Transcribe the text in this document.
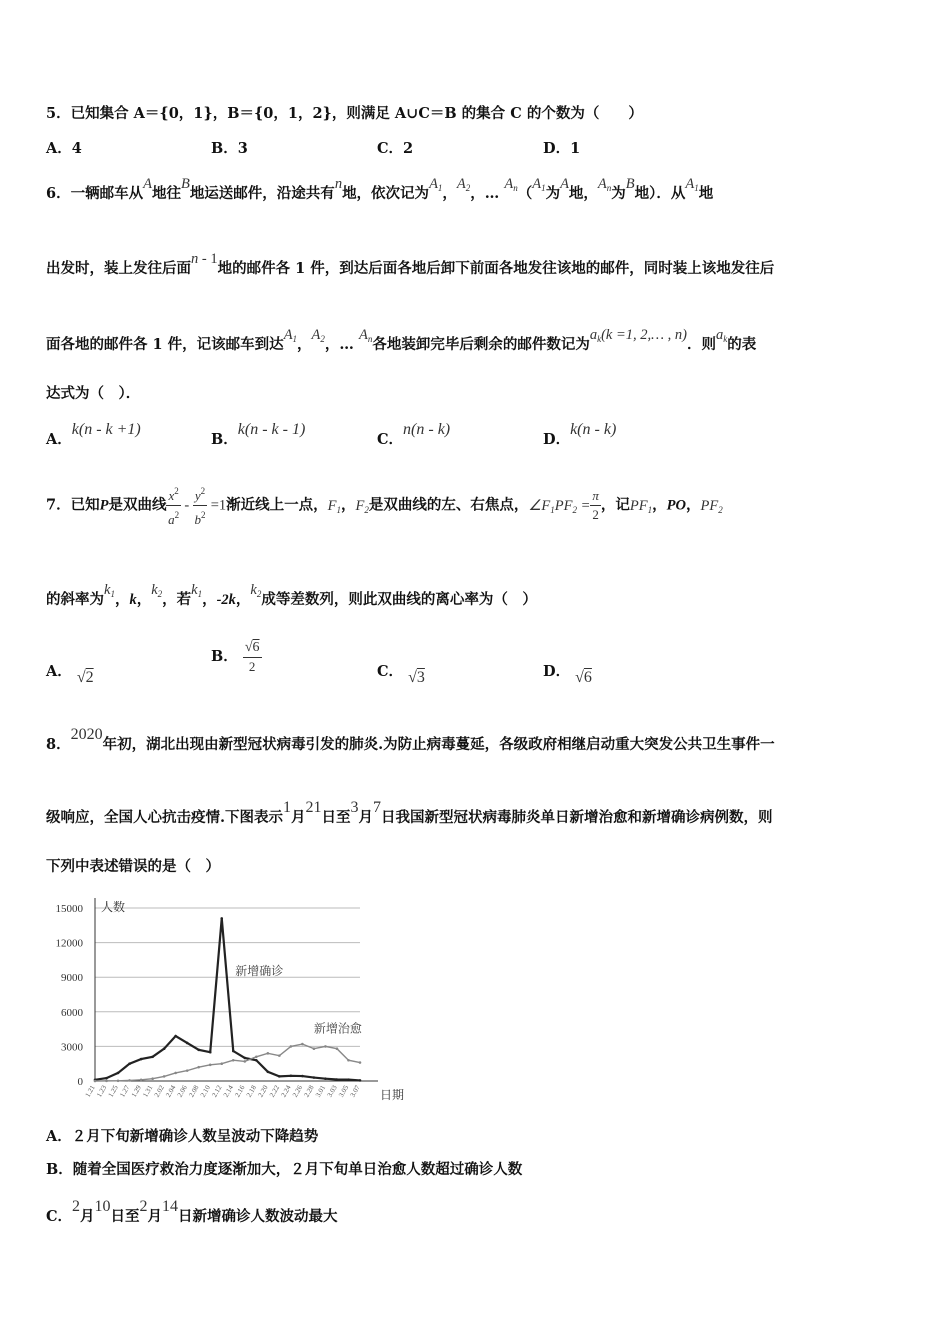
5．已知集合 A＝{0，1}，B＝{0，1，2}，则满足 A∪C＝B 的集合 C 的个数为（　　）
A．4	B．3	C．2	D．1
6．一辆邮车从A地往B地运送邮件，沿途共有n地，依次记为$A_1$，$A_2$，… $A_n(A_1$为A地，$A_n$为B地）．从$A_1$地
出发时，装上发往后面n - 1地的邮件各 1 件，到达后面各地后卸下前面各地发往该地的邮件，同时装上该地发往后
面各地的邮件各 1 件，记该邮车到达$A_1$，$A_2$，… $A_n$各地装卸完毕后剩余的邮件数记为$a_k(k =1$, 2,… , n)．则$a_k$的表
达式为（　）．
A．k(n - k +1)
B．k(n - k - 1)
C．n(n - k)
D．k(n - k)
7．已知P是双曲线 $\frac{x^2}{a^2} - \frac{y^2}{b^2} =1$渐近线上一点，$F_1$，$F_2$是双曲线的左、右焦点，$\angle F_1PF_2 = \frac{\pi}{2}$ ，记$PF_1$，PO，$PF_2$
的斜率为$k_1$，k，$k_2$，若$k_1$，-2k，$k_2$成等差数列，则此双曲线的离心率为（　）
A． √2
B． $\frac{√6}{2}$	C． √3	D． √6
8．2020年初，湖北出现由新型冠状病毒引发的肺炎.为防止病毒蔓延，各级政府相继启动重大突发公共卫生事件一
级响应，全国人心抗击疫情.下图表示1月21日至3月7日我国新型冠状病毒肺炎单日新增治愈和新增确诊病例数，则
下列中表述错误的是（　）
0
3000
6000
9000
12000
15000 人数
日期
1.21
1.23
1.25
1.27
1.29
1.31
2.02
2.04
2.06
2.08
2.10
2.12
2.14
2.16
2.18
2.20
2.22
2.24
2.26
2.28
3.01
3.03
3.05
3.07
新增确诊
新增治愈
A．２月下旬新增确诊人数呈波动下降趋势
B．随着全国医疗救治力度逐渐加大，２月下旬单日治愈人数超过确诊人数
C．2月10日至2月14日新增确诊人数波动最大
